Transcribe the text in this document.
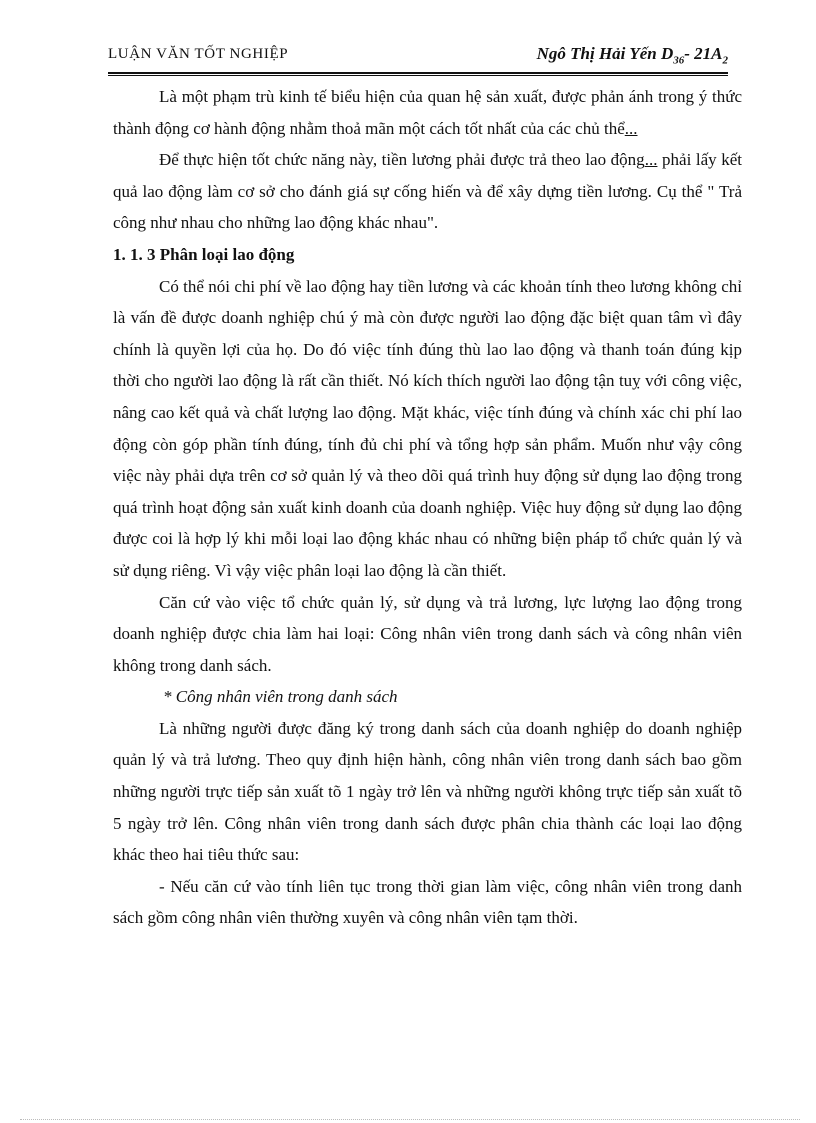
LUẬN VĂN TỐT NGHIỆP	Ngô Thị Hải Yến $D_{36}-$ $21A_2$

Là một phạm trù kinh tế biểu hiện của quan hệ sản xuất, được phản ánh trong ý thức thành động cơ hành động nhằm thoả mãn một cách tốt nhất của các chủ thể...

Để thực hiện tốt chức năng này, tiền lương phải được trả theo lao động... phải lấy kết quả lao động làm cơ sở cho đánh giá sự cống hiến và để xây dựng tiền lương. Cụ thể " Trả công như nhau cho những lao động khác nhau".

1. 1. 3 Phân loại lao động

Có thể nói chi phí về lao động hay tiền lương và các khoản tính theo lương không chỉ là vấn đề được doanh nghiệp chú ý mà còn được người lao động đặc biệt quan tâm vì đây chính là quyền lợi của họ. Do đó việc tính đúng thù lao lao động và thanh toán đúng kịp thời cho người lao động là rất cần thiết. Nó kích thích người lao động tận tuỵ với công việc, nâng cao kết quả và chất lượng lao động. Mặt khác, việc tính đúng và chính xác chi phí lao động còn góp phần tính đúng, tính đủ chi phí và tổng hợp sản phẩm. Muốn như vậy công việc này phải dựa trên cơ sở quản lý và theo dõi quá trình huy động sử dụng lao động trong quá trình hoạt động sản xuất kinh doanh của doanh nghiệp. Việc huy động sử dụng lao động được coi là hợp lý khi mỗi loại lao động khác nhau có những biện pháp tổ chức quản lý và sử dụng riêng. Vì vậy việc phân loại lao động là cần thiết.

Căn cứ vào việc tổ chức quản lý, sử dụng và trả lương, lực lượng lao động trong doanh nghiệp được chia làm hai loại: Công nhân viên trong danh sách và công nhân viên không trong danh sách.

* Công nhân viên trong danh sách

Là những người được đăng ký trong danh sách của doanh nghiệp do doanh nghiệp quản lý và trả lương. Theo quy định hiện hành, công nhân viên trong danh sách bao gồm những người trực tiếp sản xuất tõ 1 ngày trở lên và những người không trực tiếp sản xuất tõ 5 ngày trở lên. Công nhân viên trong danh sách được phân chia thành các loại lao động khác theo hai tiêu thức sau:

- Nếu căn cứ vào tính liên tục trong thời gian làm việc, công nhân viên trong danh sách gồm công nhân viên thường xuyên và công nhân viên tạm thời.
